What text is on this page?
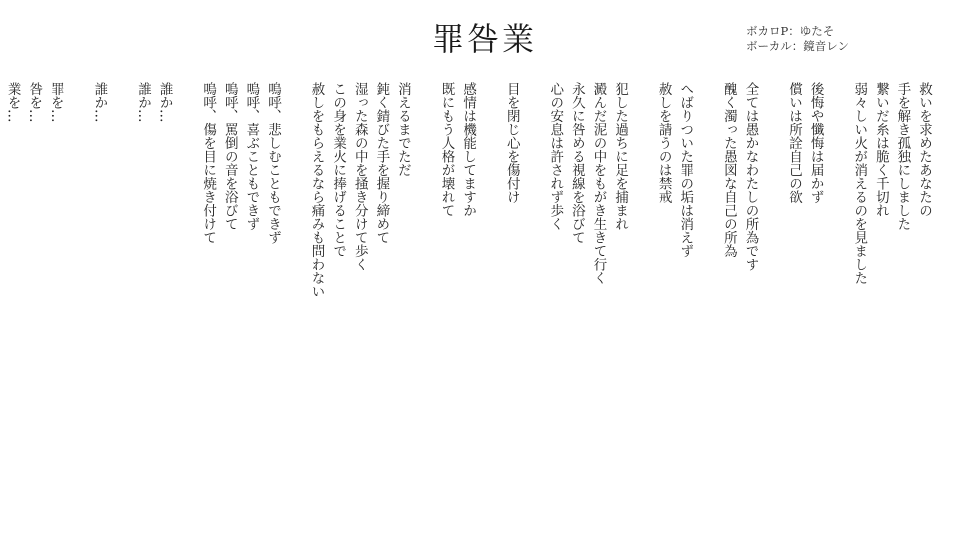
罪咎業	ボカロP：ゆたそ
ボーカル：鏡音レン
救いを求めたあなたの
手を解き孤独にしました
繋いだ糸は脆く千切れ
弱々しい火が消えるのを見ました
後悔や懺悔は届かず
償いは所詮自己の欲
全ては愚かなわたしの所為です
醜く濁った愚図な自己の所為
へばりついた罪の垢は消えず
赦しを請うのは禁戒
犯した過ちに足を捕まれ
澱んだ泥の中をもがき生きて行く
永久に咎める視線を浴びて
心の安息は許されず歩く
目を閉じ心を傷付け
感情は機能してますか
既にもう人格が壊れて
消えるまでただ
鈍く錆びた手を握り締めて
湿った森の中を掻き分けて歩く
この身を業火に捧げることで
赦しをもらえるなら痛みも問わない
嗚呼、悲しむこともできず
嗚呼、喜ぶこともできず
嗚呼、罵倒の音を浴びて
嗚呼、傷を目に焼き付けて
誰か…
誰か…
誰か…
罪を…
咎を…
業を…
